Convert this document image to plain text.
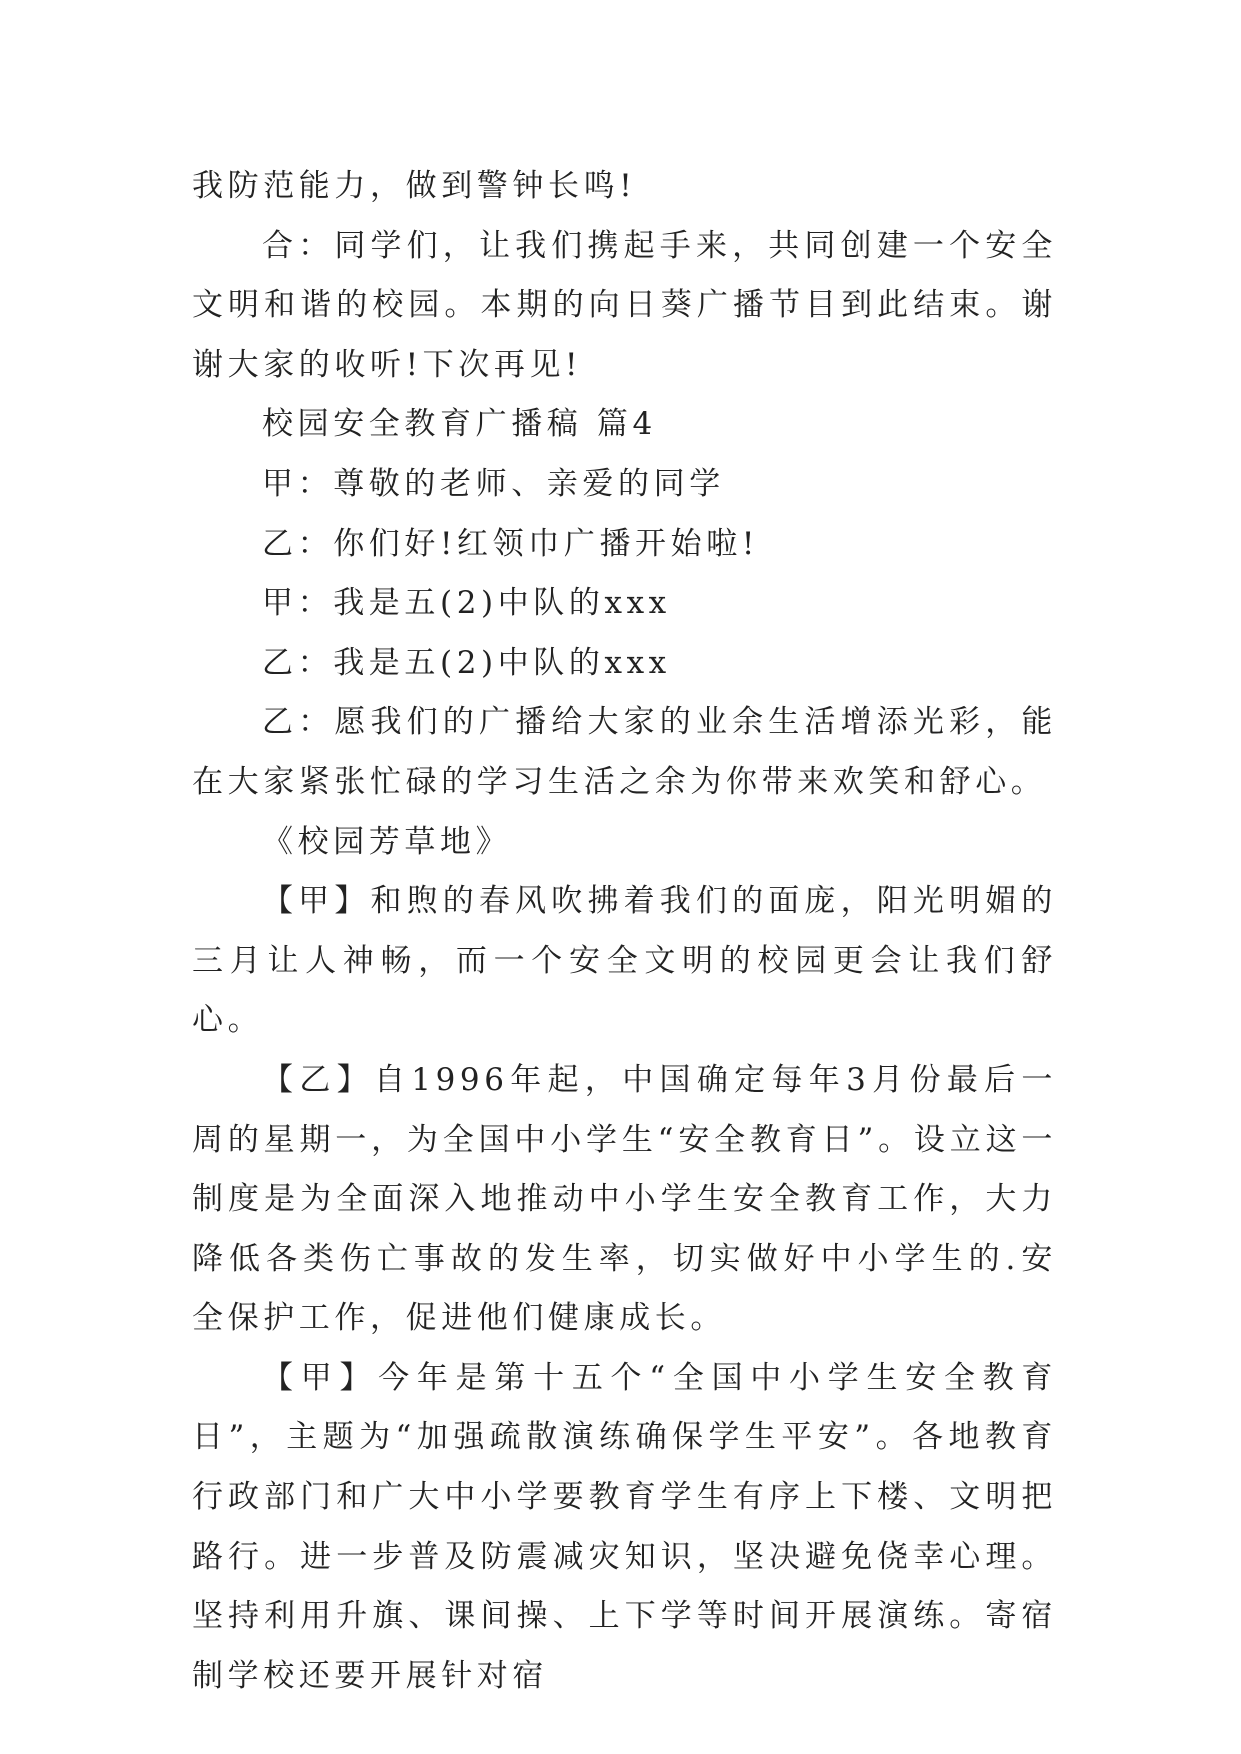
我防范能力，做到警钟长鸣!

合：同学们，让我们携起手来，共同创建一个安全文明和谐的校园。本期的向日葵广播节目到此结束。谢谢大家的收听!下次再见!

校园安全教育广播稿 篇4

甲：尊敬的老师、亲爱的同学

乙：你们好!红领巾广播开始啦!

甲：我是五(2)中队的xxx

乙：我是五(2)中队的xxx

乙：愿我们的广播给大家的业余生活增添光彩，能在大家紧张忙碌的学习生活之余为你带来欢笑和舒心。

《校园芳草地》

【甲】和煦的春风吹拂着我们的面庞，阳光明媚的三月让人神畅，而一个安全文明的校园更会让我们舒心。

【乙】自1996年起，中国确定每年3月份最后一周的星期一，为全国中小学生“安全教育日”。设立这一制度是为全面深入地推动中小学生安全教育工作，大力降低各类伤亡事故的发生率，切实做好中小学生的.安全保护工作，促进他们健康成长。

【甲】今年是第十五个“全国中小学生安全教育日”，主题为“加强疏散演练确保学生平安”。各地教育行政部门和广大中小学要教育学生有序上下楼、文明把路行。进一步普及防震减灾知识，坚决避免侥幸心理。坚持利用升旗、课间操、上下学等时间开展演练。寄宿制学校还要开展针对宿
